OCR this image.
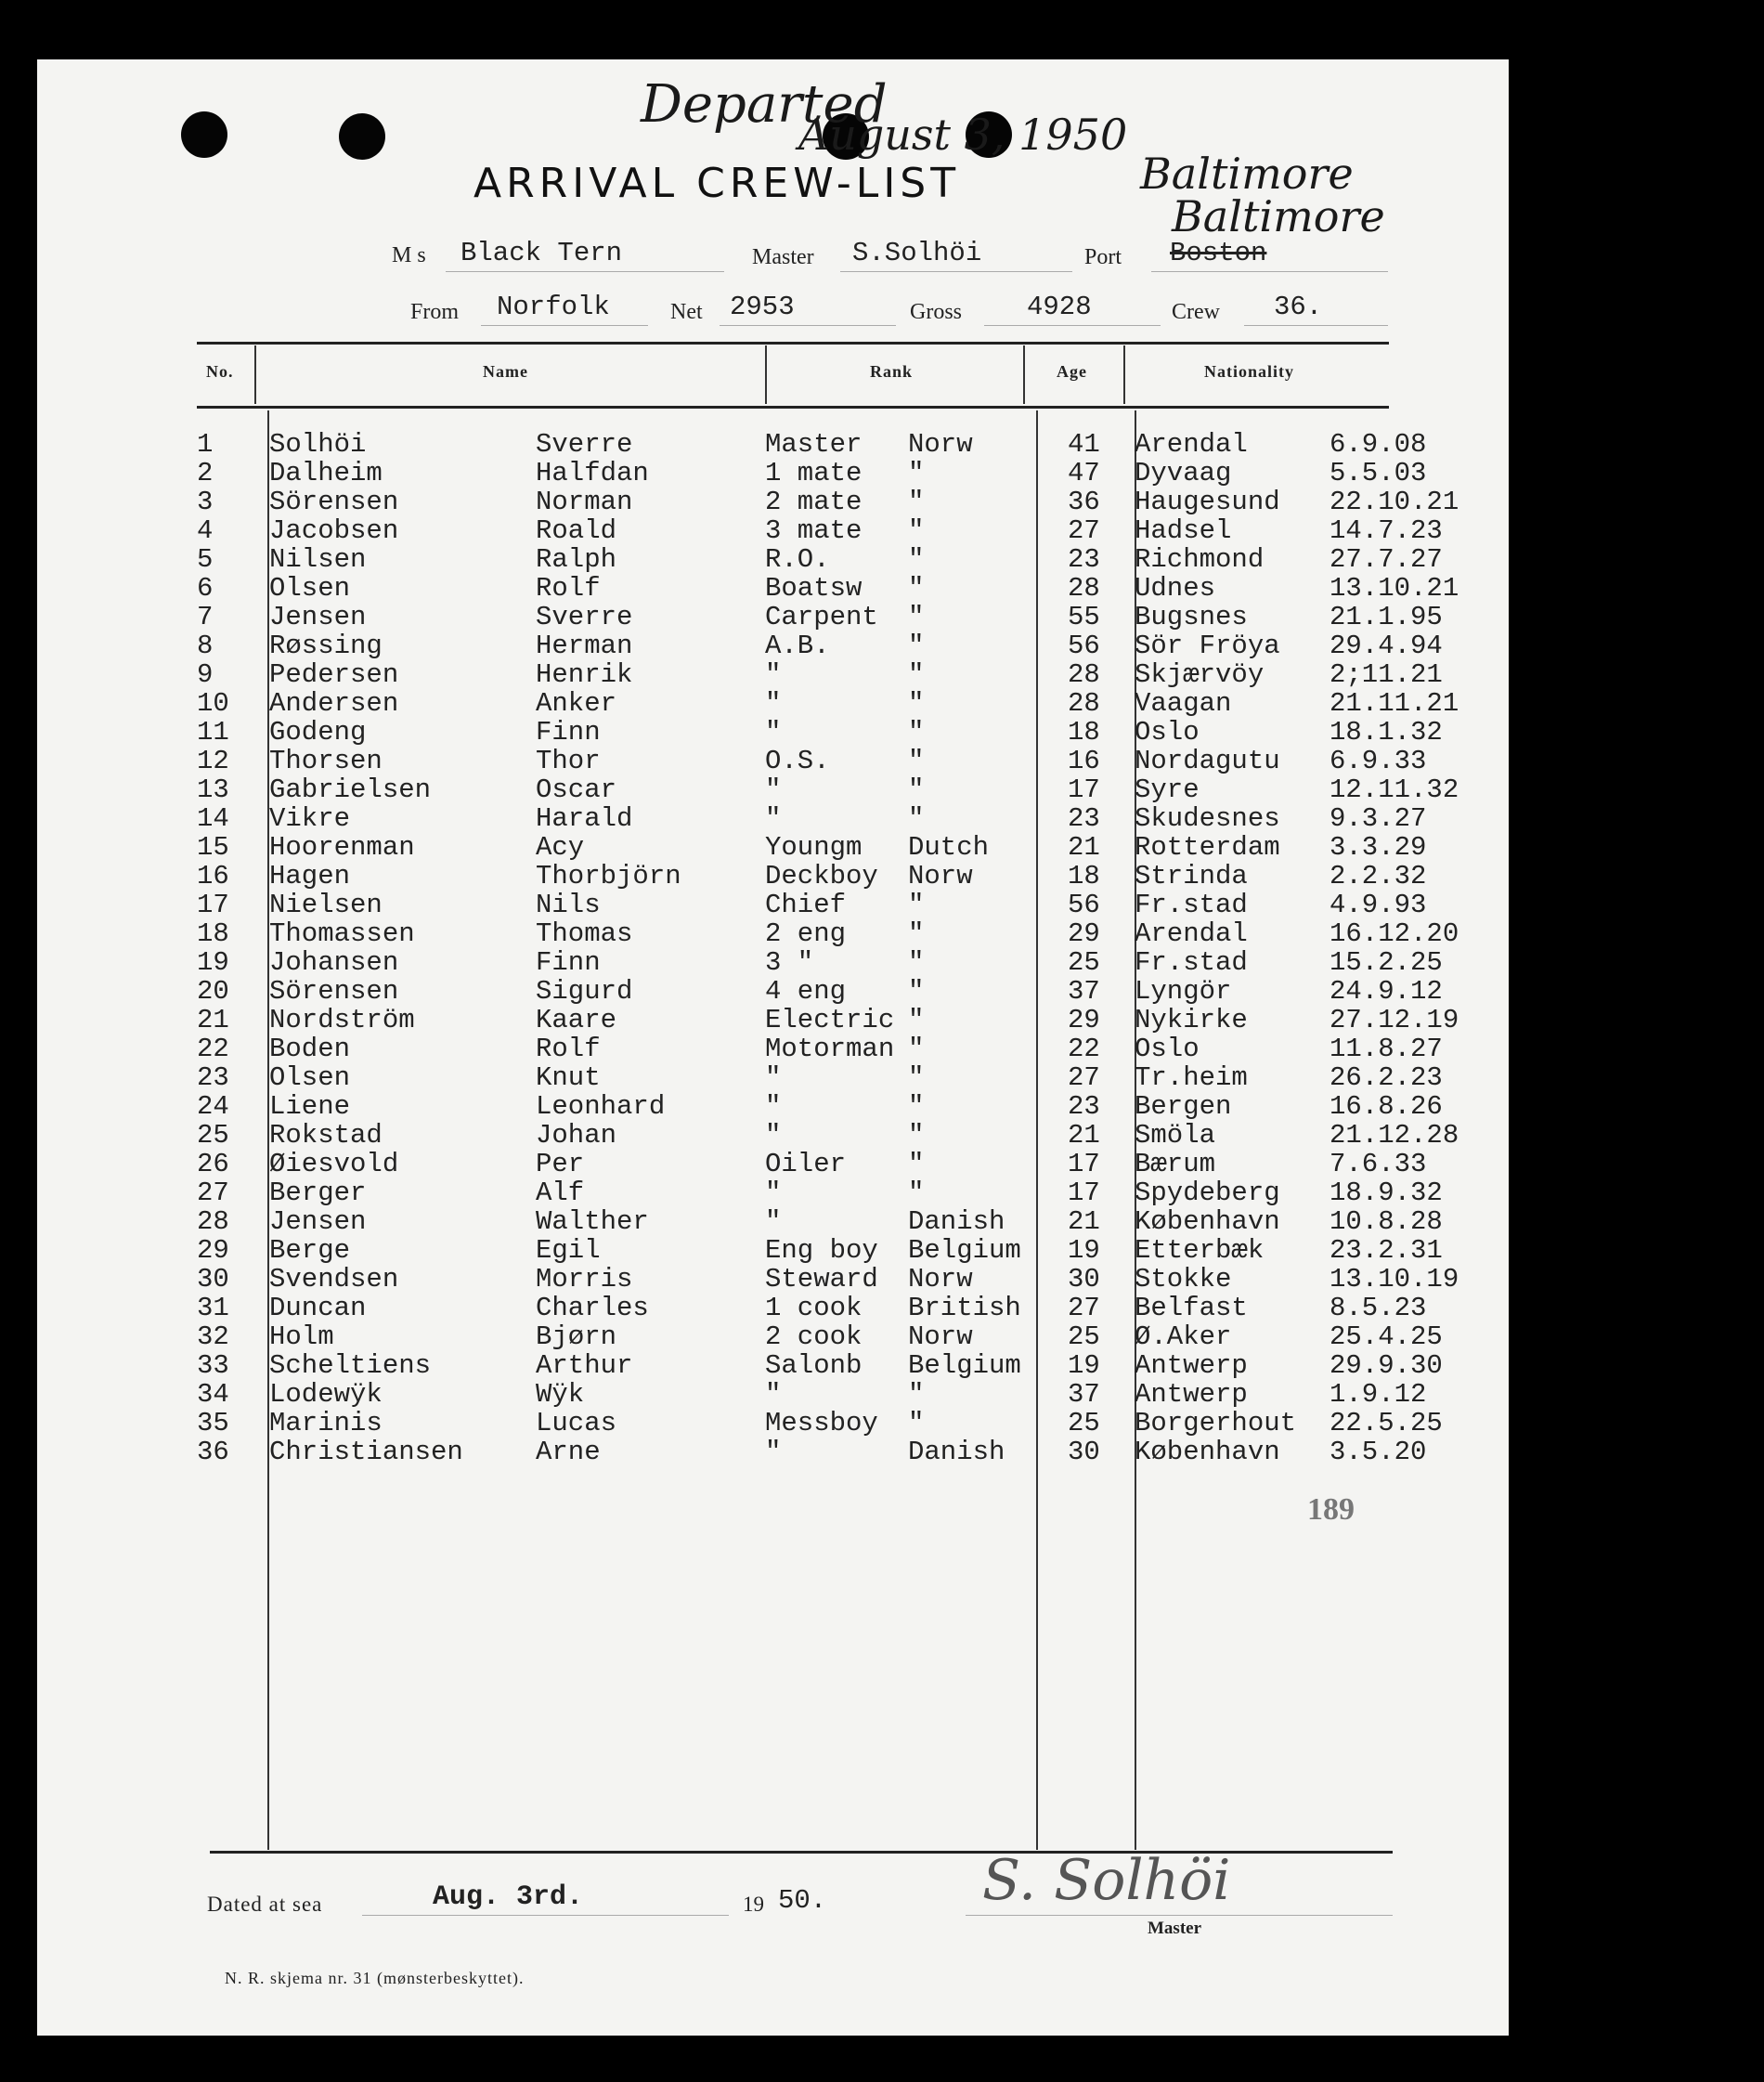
Departed
August 3, 1950
Baltimore
Baltimore
ARRIVAL CREW-LIST
M s Black Tern	Master S.Solhöi	Port Boston
From Norfolk	Net 2953	Gross 4928	Crew 36.
No.	Name	Rank	Age	Nationality
1 Solhöi	Sverre	Master Norw	41 Arendal	6.9.08
2 Dalheim	Halfdan	1 mate "	47 Dyvaag	5.5.03
3 Sörensen	Norman	2 mate "	36 Haugesund 22.10.21
4 Jacobsen	Roald	3 mate "	27 Hadsel	14.7.23
5 Nilsen	Ralph	R.O.	"	23 Richmond 27.7.27
6 Olsen	Rolf	Boatsw "	28 Udnes	13.10.21
7 Jensen	Sverre	Carpent "	55 Bugsnes	21.1.95
8 Røssing	Herman	A.B.	"	56 Sör Fröya 29.4.94
9 Pedersen	Henrik	"	"	28 Skjærvöy 2;11.21
10 Andersen	Anker	"	"	28 Vaagan	21.11.21
11 Godeng	Finn	"	"	18 Oslo	18.1.32
12 Thorsen	Thor	O.S.	"	16 Nordagutu 6.9.33
13 Gabrielsen	Oscar	"	"	17 Syre	12.11.32
14 Vikre	Harald	"	"	23 Skudesnes 9.3.27
15 Hoorenman	Acy	Youngm Dutch	21 Rotterdam 3.3.29
16 Hagen	Thorbjörn	Deckboy Norw	18 Strinda	2.2.32
17 Nielsen	Nils	Chief "	56 Fr.stad	4.9.93
18 Thomassen	Thomas	2 eng "	29 Arendal	16.12.20
19 Johansen	Finn	3 "	"	25 Fr.stad	15.2.25
20 Sörensen	Sigurd	4 eng "	37 Lyngör	24.9.12
21 Nordström	Kaare	Electric "	29 Nykirke	27.12.19
22 Boden	Rolf	Motorman "	22 Oslo	11.8.27
23 Olsen	Knut	"	"	27 Tr.heim	26.2.23
24 Liene	Leonhard	"	"	23 Bergen	16.8.26
25 Rokstad	Johan	"	"	21 Smöla	21.12.28
26 Øiesvold	Per	Oiler "	17 Bærum	7.6.33
27 Berger	Alf	"	"	17 Spydeberg 18.9.32
28 Jensen	Walther	"	Danish 21 København 10.8.28
29 Berge	Egil	Eng boy Belgium 19 Etterbæk 23.2.31
30 Svendsen	Morris	Steward Norw	30 Stokke	13.10.19
31 Duncan	Charles	1 cook British 27 Belfast	8.5.23
32 Holm	Bjørn	2 cook Norw	25 Ø.Aker	25.4.25
33 Scheltiens	Arthur	Salonb Belgium 19 Antwerp	29.9.30
34 Lodewÿk	Wÿk	"	"	37 Antwerp	1.9.12
35 Marinis	Lucas	Messboy "	25 Borgerhout 22.5.25
36 Christiansen	Arne	"	Danish 30 København 3.5.20
189
Dated at sea	Aug. 3rd.	19 50.	S. Solhöi
Master
N. R. skjema nr. 31 (mønsterbeskyttet).
